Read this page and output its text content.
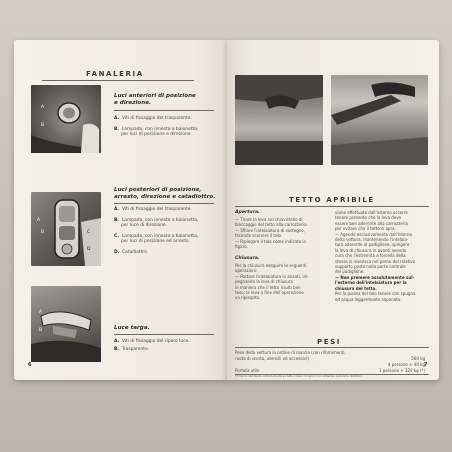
FANALERIA
A
B
Luci anteriori di posizione
e direzione.
A. Viti di fissaggio del trasparente.
B. Lampada, con innesto a baionetta,
per luci di posizione e direzione.
A
B	C
D
Luci posteriori di posizione,
arresto, direzione e catadiottro.
A. Viti di fissaggio del trasparente.
B. Lampada, con innesto a baionetta,
per luce di direzione.
C. Lampada, con innesto a baionetta,
per luci di posizione ed arresto.
D. Catadiottro.
A
B	Luce targa.
A. Viti di fissaggio del riparo luce.
B. Trasparente.
6
TETTO APRIBILE
Apertura.
— Tirare la leva nel chiavistello di
bloccaggio del tetto alla carrozzeria.
— Sfilare l'intelaiatura di sostegno,
facendo scorrere il telo.
— Ripiegare il telo come indicato in
figura.
Chiusura.
Per la chiusura eseguire le seguenti
operazioni:
— Portare l'intelaiatura in avanti, im-
pegnando la leva di chiusura
in maniera che il tetto risulti ben
teso; la leva a fine dell'operazione
va ripiegata.
viene effettuato dall'esterno occorre
tenere presente che la leva deve
essere ben aderente alla carrozzeria
per evitare che il tetto si apra.
— Agendo esclusivamente dall'interno
della vettura, mantenendo l'intelaia-
tura aderente al padiglione, spingere
la leva di chiusura in avanti avendo
cura che l'estremità a forcella della
stessa si inserisca nel perno del relativo
supporto posto nella parte centrale
del padiglione.
— Non premere assolutamente sul-
l'esterno dell'intelaiatura per la
chiusura del tetto.
Per la pulizia del telo tenere con spugna
ed acqua leggermente saponata.
PESI
Peso della vettura in ordine di marcia (con rifornimenti,
ruota di scorta, utensili ed accessori)	560 kg
4 persone + 40 kg
Portata utile	1 persona + 320 kg (*)
(*) Carico distribuito uniformemente su tutto il piano di carico (con schienale posteriore ribaltato).
7
